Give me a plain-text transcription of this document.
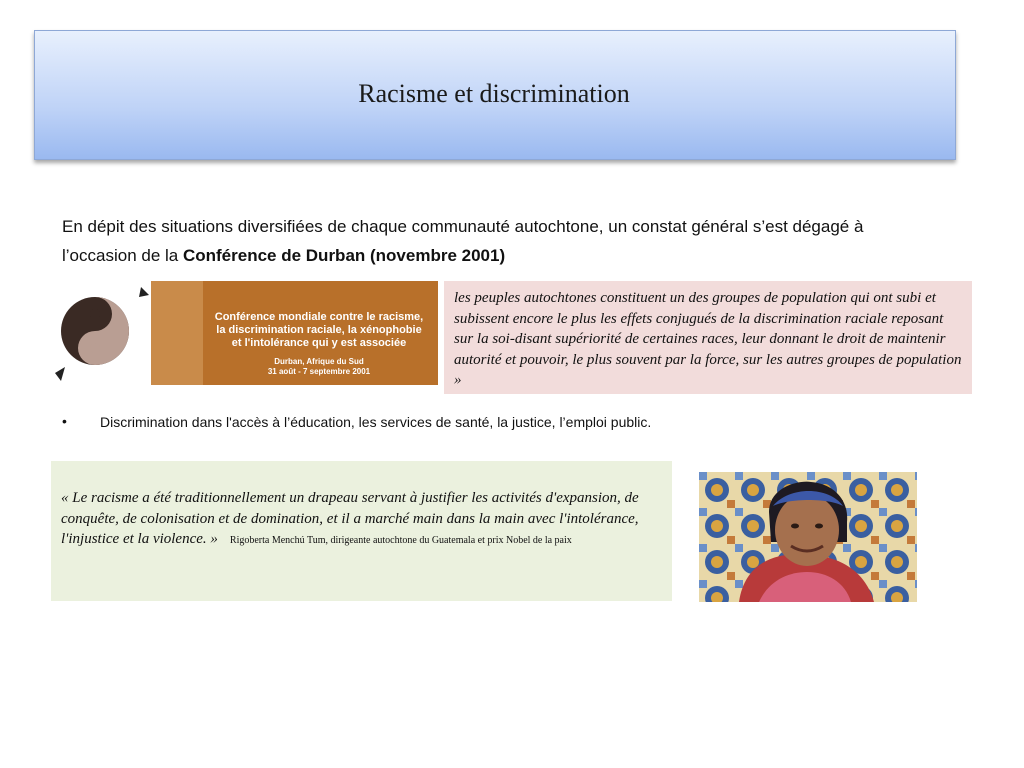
Racisme et discrimination
En dépit des situations diversifiées de chaque communauté autochtone, un constat général s’est dégagé à l’occasion de la Conférence de Durban (novembre 2001)
Conférence mondiale contre le racisme,
la discrimination raciale, la xénophobie
et l'intolérance qui y est associée
Durban, Afrique du Sud
31 août - 7 septembre 2001
les peuples autochtones constituent un des groupes de population qui ont subi et subissent encore le plus les effets conjugués de la discrimination raciale reposant sur la soi-disant supériorité de certaines races, leur donnant le droit de maintenir autorité et pouvoir, le plus souvent par la force, sur les autres groupes de population »
• Discrimination dans l'accès à l’éducation, les services de santé, la justice, l’emploi public.
« Le racisme a été traditionnellement un drapeau servant à justifier les activités d'expansion, de conquête, de colonisation et de domination, et il a marché main dans la main avec l'intolérance, l'injustice et la violence. » Rigoberta Menchú Tum, dirigeante autochtone du Guatemala et prix Nobel de la paix
